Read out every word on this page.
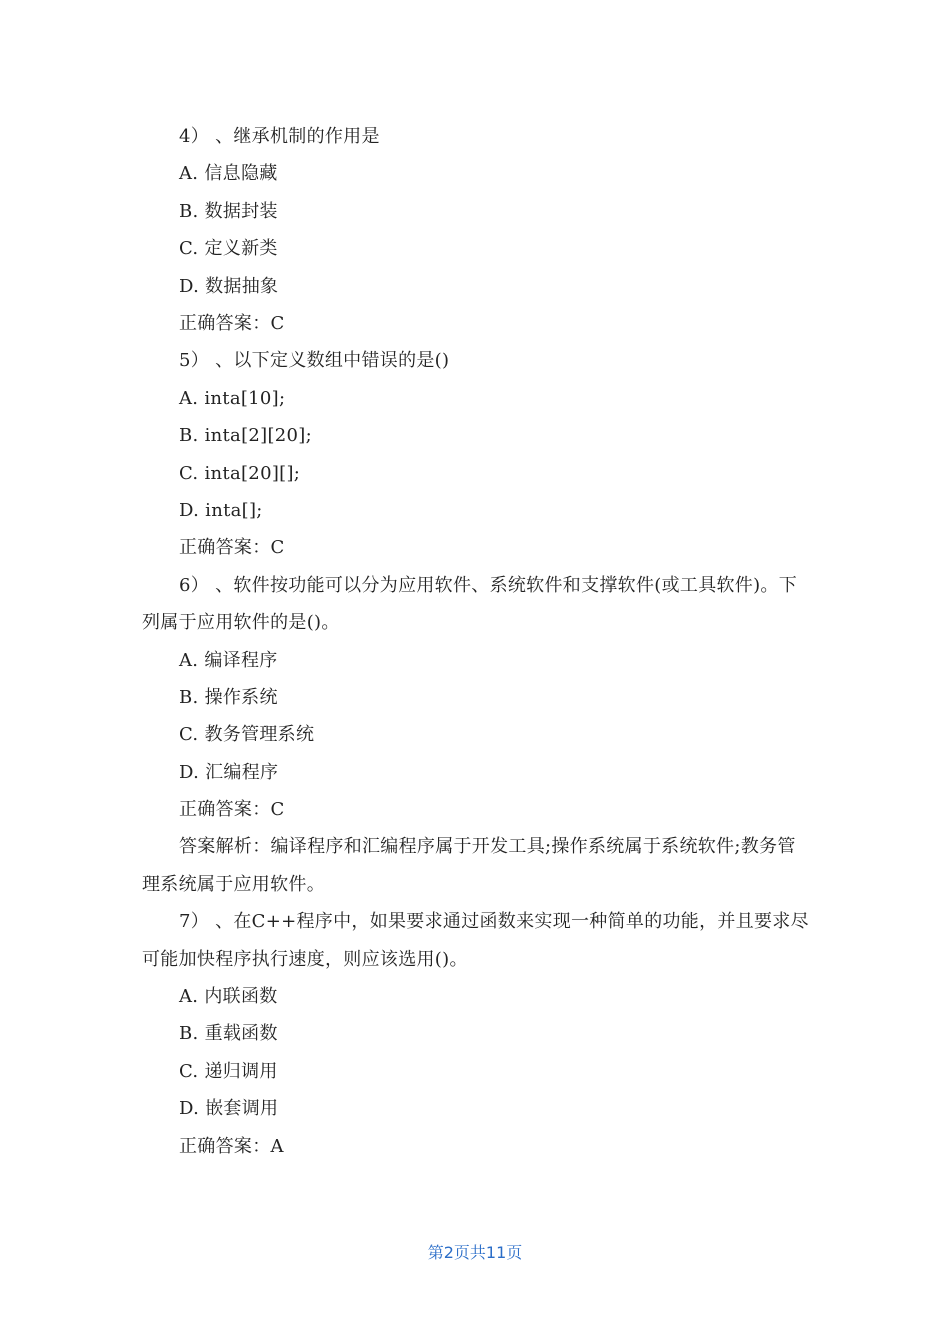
4） 、继承机制的作用是
A. 信息隐藏
B. 数据封装
C. 定义新类
D. 数据抽象
正确答案：C
5） 、以下定义数组中错误的是()
A. inta[10];
B. inta[2][20];
C. inta[20][];
D. inta[];
正确答案：C
6） 、软件按功能可以分为应用软件、系统软件和支撑软件(或工具软件)。下列属于应用软件的是()。
A. 编译程序
B. 操作系统
C. 教务管理系统
D. 汇编程序
正确答案：C
答案解析：编译程序和汇编程序属于开发工具;操作系统属于系统软件;教务管理系统属于应用软件。
7） 、在C++程序中，如果要求通过函数来实现一种简单的功能，并且要求尽可能加快程序执行速度，则应该选用()。
A. 内联函数
B. 重载函数
C. 递归调用
D. 嵌套调用
正确答案：A
第2页共11页
